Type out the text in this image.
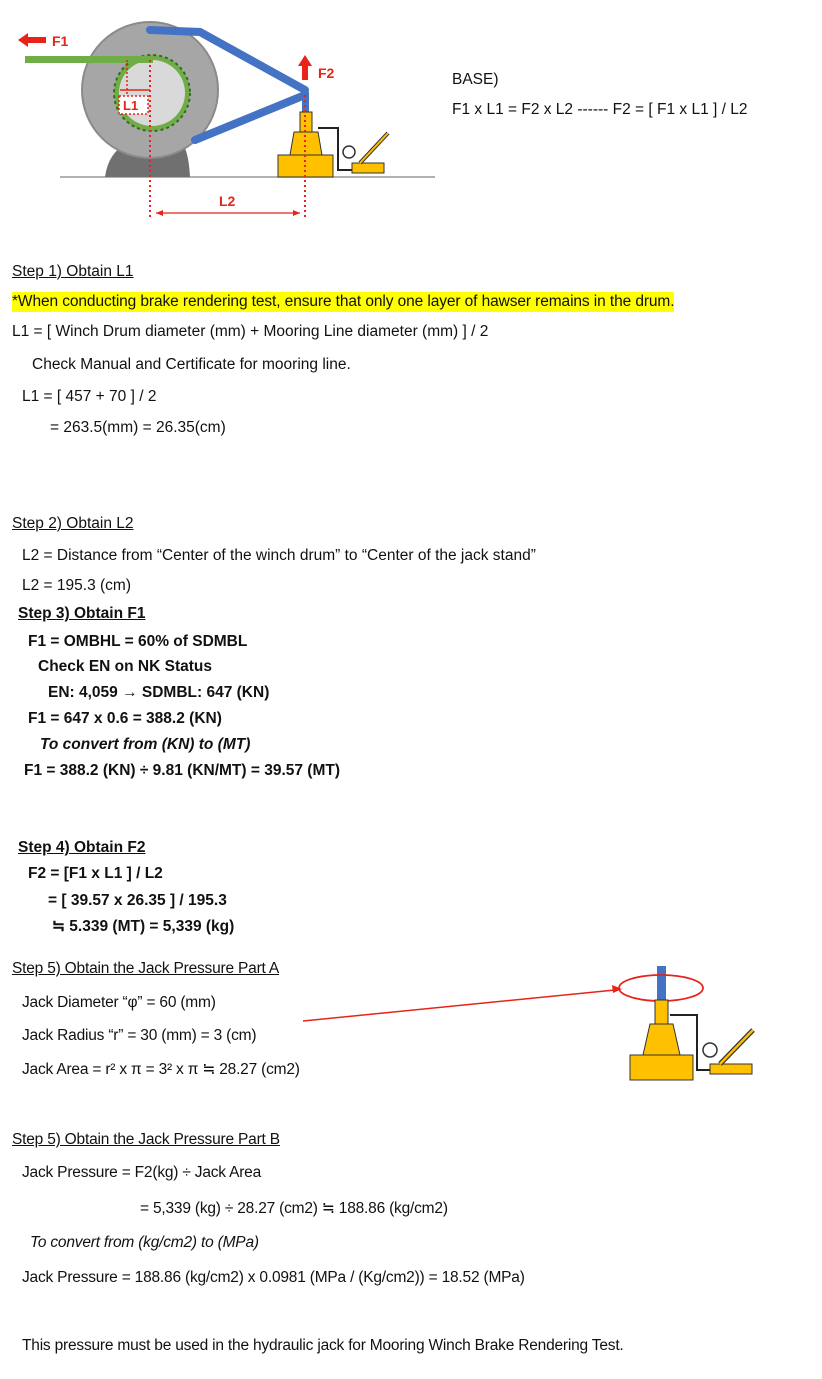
F1
F2
L1
L2
BASE)
F1 x L1 = F2 x L2 ------ F2 = [ F1 x L1 ] / L2
Step 1) Obtain L1
*When conducting brake rendering test, ensure that only one layer of hawser remains in the drum.
L1 = [ Winch Drum diameter (mm) + Mooring Line diameter (mm) ] / 2
Check Manual and Certificate for mooring line.
L1 = [ 457 + 70 ] / 2
= 263.5(mm) = 26.35(cm)
Step 2) Obtain L2
L2 = Distance from “Center of the winch drum” to “Center of the jack stand”
L2 = 195.3 (cm)
Step 3) Obtain F1
F1 = OMBHL = 60% of SDMBL
Check EN on NK Status
EN: 4,059 → SDMBL: 647 (KN)
F1 = 647 x 0.6 = 388.2 (KN)
To convert from (KN) to (MT)
F1 = 388.2 (KN) ÷ 9.81 (KN/MT) = 39.57 (MT)
Step 4) Obtain F2
F2 = [F1 x L1 ] / L2
= [ 39.57 x 26.35 ] / 195.3
≒ 5.339 (MT) = 5,339 (kg)
Step 5) Obtain the Jack Pressure Part A
Jack Diameter “φ” = 60 (mm)
Jack Radius “r” = 30 (mm) = 3 (cm)
Jack Area = r² x π = 3² x π ≒ 28.27 (cm2)
Step 5) Obtain the Jack Pressure Part B
Jack Pressure = F2(kg) ÷ Jack Area
= 5,339 (kg) ÷ 28.27 (cm2) ≒ 188.86 (kg/cm2)
To convert from (kg/cm2) to (MPa)
Jack Pressure = 188.86 (kg/cm2) x 0.0981 (MPa / (Kg/cm2)) = 18.52 (MPa)
This pressure must be used in the hydraulic jack for Mooring Winch Brake Rendering Test.
